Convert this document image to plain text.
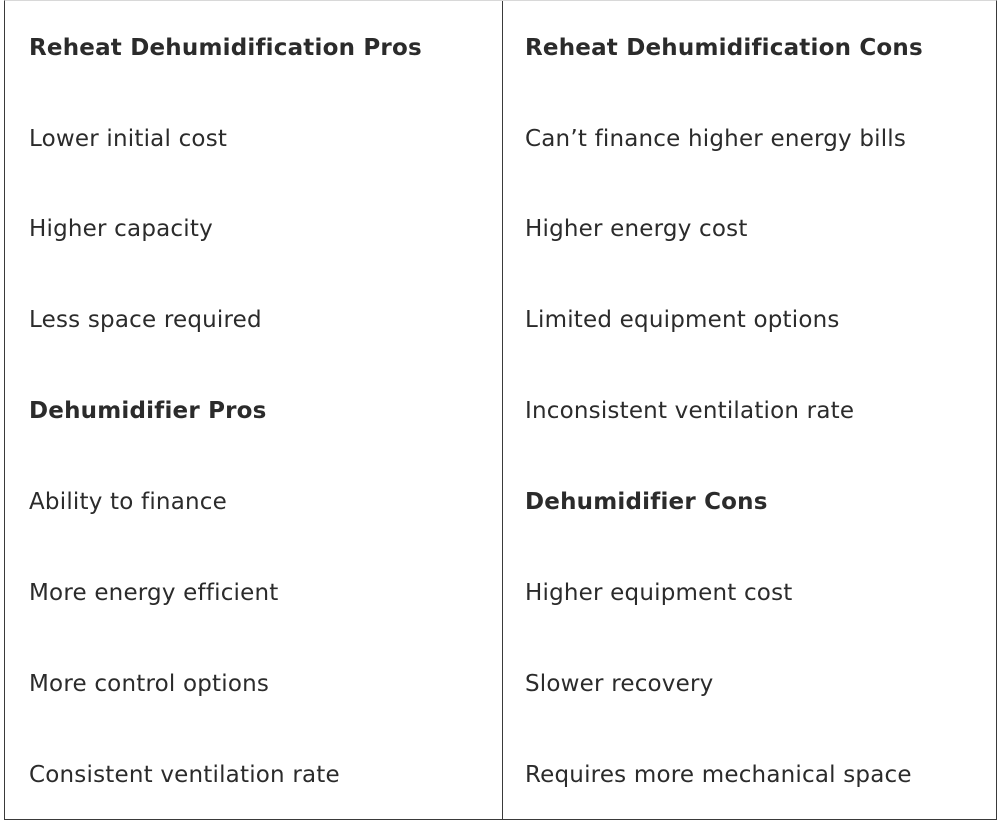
Reheat Dehumidification Pros
Lower initial cost
Higher capacity
Less space required
Dehumidifier Pros
Ability to finance
More energy efficient
More control options
Consistent ventilation rate
Reheat Dehumidification Cons
Can’t finance higher energy bills
Higher energy cost
Limited equipment options
Inconsistent ventilation rate
Dehumidifier Cons
Higher equipment cost
Slower recovery
Requires more mechanical space
